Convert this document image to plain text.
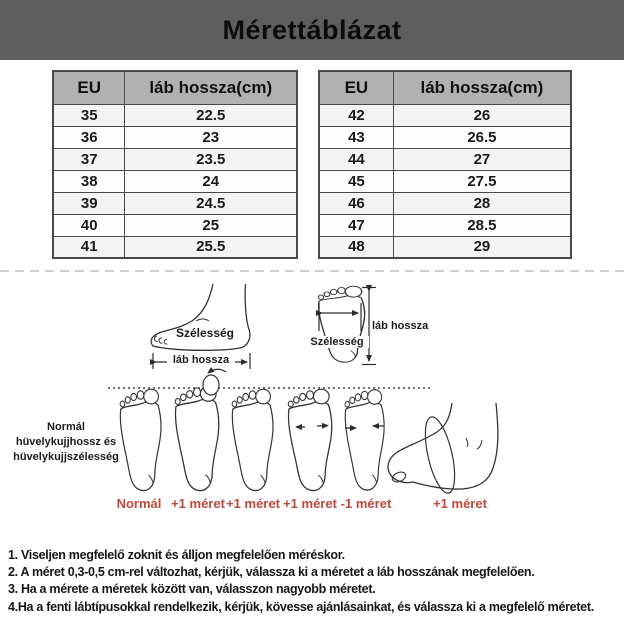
Mérettáblázat
EU	láb hossza(cm)
35	22.5
36	23
37	23.5
38	24
39	24.5
40	25
41	25.5
EU	láb hossza(cm)
42	26
43	26.5
44	27
45	27.5
46	28
47	28.5
48	29
Szélesség
láb hossza
Szélesség
láb hossza
Normál
hüvelykujjhossz és
hüvelykujjszélesség
Normál +1 méret +1 méret +1 méret -1 méret	+1 méret
1. Viseljen megfelelő zoknit és álljon megfelelően méréskor.
2. A méret 0,3-0,5 cm-rel változhat, kérjük, válassza ki a méretet a láb hosszának megfelelően.
3. Ha a mérete a méretek között van, válasszon nagyobb méretet.
4.Ha a fenti lábtípusokkal rendelkezik, kérjük, kövesse ajánlásainkat, és válassza ki a megfelelő méretet.
